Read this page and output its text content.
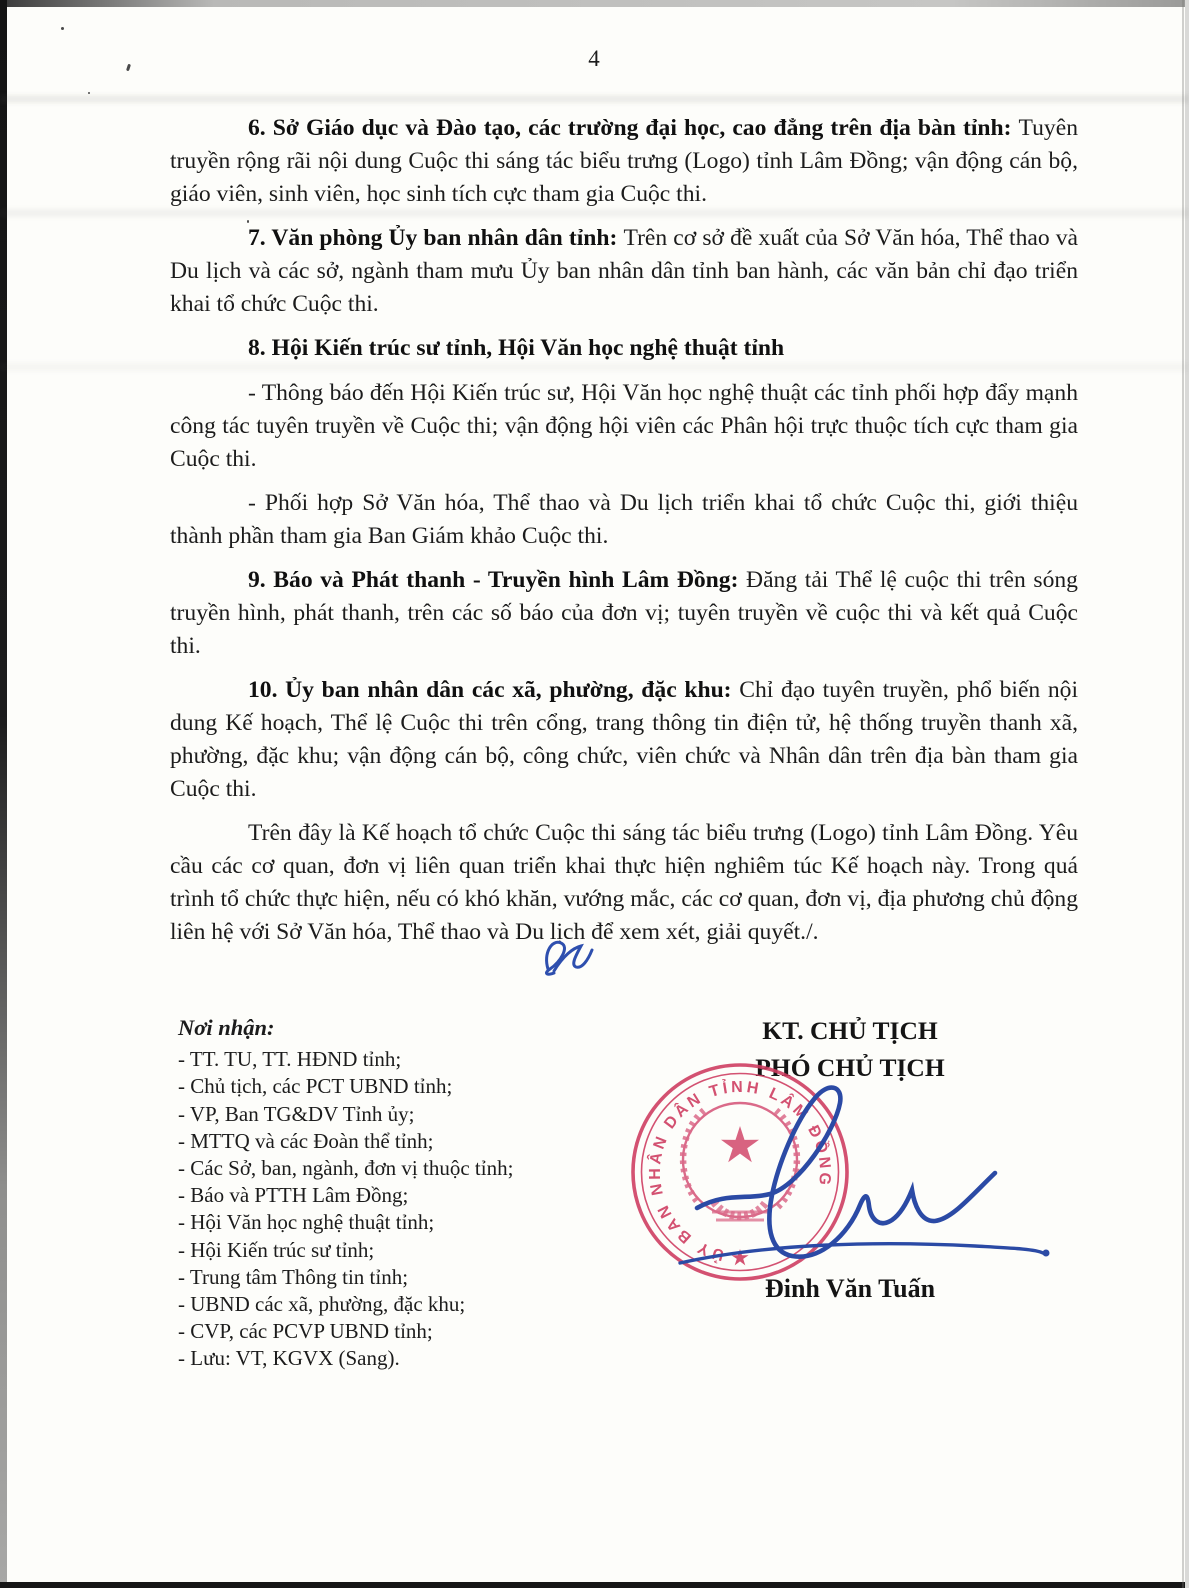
4

6. Sở Giáo dục và Đào tạo, các trường đại học, cao đẳng trên địa bàn tỉnh: Tuyên truyền rộng rãi nội dung Cuộc thi sáng tác biểu trưng (Logo) tỉnh Lâm Đồng; vận động cán bộ, giáo viên, sinh viên, học sinh tích cực tham gia Cuộc thi.

7. Văn phòng Ủy ban nhân dân tỉnh: Trên cơ sở đề xuất của Sở Văn hóa, Thể thao và Du lịch và các sở, ngành tham mưu Ủy ban nhân dân tỉnh ban hành, các văn bản chỉ đạo triển khai tổ chức Cuộc thi.

8. Hội Kiến trúc sư tỉnh, Hội Văn học nghệ thuật tỉnh

- Thông báo đến Hội Kiến trúc sư, Hội Văn học nghệ thuật các tỉnh phối hợp đẩy mạnh công tác tuyên truyền về Cuộc thi; vận động hội viên các Phân hội trực thuộc tích cực tham gia Cuộc thi.

- Phối hợp Sở Văn hóa, Thể thao và Du lịch triển khai tổ chức Cuộc thi, giới thiệu thành phần tham gia Ban Giám khảo Cuộc thi.

9. Báo và Phát thanh - Truyền hình Lâm Đồng: Đăng tải Thể lệ cuộc thi trên sóng truyền hình, phát thanh, trên các số báo của đơn vị; tuyên truyền về cuộc thi và kết quả Cuộc thi.

10. Ủy ban nhân dân các xã, phường, đặc khu: Chỉ đạo tuyên truyền, phổ biến nội dung Kế hoạch, Thể lệ Cuộc thi trên cổng, trang thông tin điện tử, hệ thống truyền thanh xã, phường, đặc khu; vận động cán bộ, công chức, viên chức và Nhân dân trên địa bàn tham gia Cuộc thi.

Trên đây là Kế hoạch tổ chức Cuộc thi sáng tác biểu trưng (Logo) tỉnh Lâm Đồng. Yêu cầu các cơ quan, đơn vị liên quan triển khai thực hiện nghiêm túc Kế hoạch này. Trong quá trình tổ chức thực hiện, nếu có khó khăn, vướng mắc, các cơ quan, đơn vị, địa phương chủ động liên hệ với Sở Văn hóa, Thể thao và Du lịch để xem xét, giải quyết./.

Nơi nhận:
- TT. TU, TT. HĐND tỉnh;
- Chủ tịch, các PCT UBND tỉnh;
- VP, Ban TG&DV Tỉnh ủy;
- MTTQ và các Đoàn thể tỉnh;
- Các Sở, ban, ngành, đơn vị thuộc tỉnh;
- Báo và PTTH Lâm Đồng;
- Hội Văn học nghệ thuật tỉnh;
- Hội Kiến trúc sư tỉnh;
- Trung tâm Thông tin tỉnh;
- UBND các xã, phường, đặc khu;
- CVP, các PCVP UBND tỉnh;
- Lưu: VT, KGVX (Sang).
KT. CHỦ TỊCH
PHÓ CHỦ TỊCH
Đinh Văn Tuấn
ỦY BAN NHÂN DÂN TỈNH LÂM ĐỒNG
